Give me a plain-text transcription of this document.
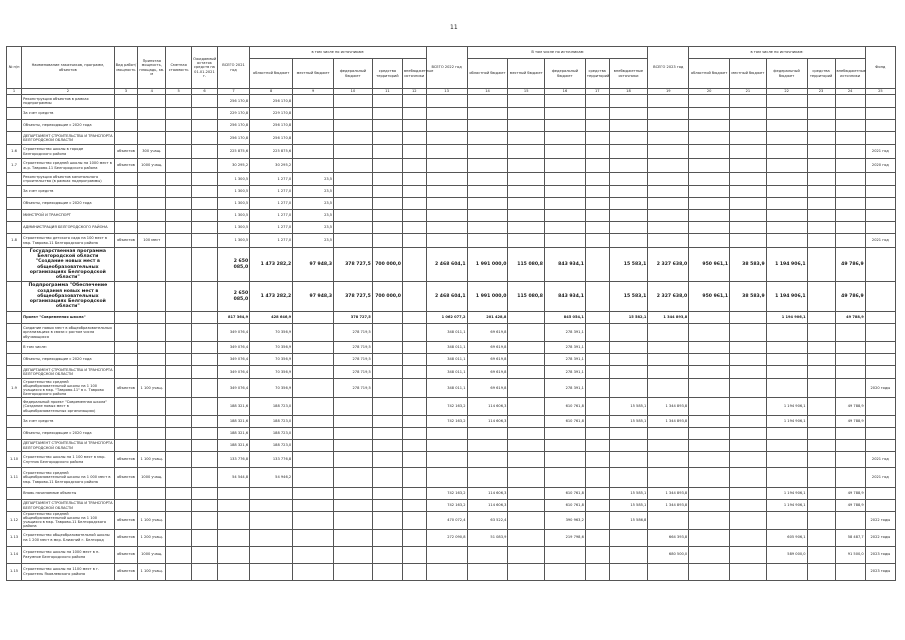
11
№ п/п	Наименование заказчиков, программ, объектов	Вид работ/мощность	Принятая мощность, площадь, кв. м	Сметная стоимость	Ожидаемый остаток средств на 01.01.2021 г.	ВСЕГО 2021 год	в том числе по источникам:					ВСЕГО 2022 год	В том числе по источникам					ВСЕГО 2023 год	в том числе по источникам:					Фонд
							областной бюджет	местный бюджет	федеральный бюджет	средства территорий	внебюджетные источники		областной бюджет	местный бюджет	федеральный бюджет	средства территорий	внебюджетные источники		областной бюджет	местный бюджет	федеральный бюджет	средства территорий	внебюджетные источники	
1	2	3	4	5	6	7	8	9	10	11	12	13	14	15	16	17	18	19	20	21	22	23	24	25
	Реконструкция объектов в рамках подпрограммы					256 170,8	256 170,8																	
	За счет средств					229 170,8	229 170,8																	
	Объекты, переходящие с 2020 года					256 170,8	256 170,8																	
	ДЕПАРТАМЕНТ СТРОИТЕЛЬСТВА И ТРАНСПОРТА БЕЛГОРОДСКОЙ ОБЛАСТИ					256 170,8	256 170,8																	
1.6	Строительство школы в городе Белгородского района	объектов	300 учащ.			225 875,6	225 875,6																	2021 год
1.7	Строительство средней школы на 1000 мест в ж.р. Таврово-11 Белгородского района	объектов	1000 учащ.			30 295,2	30 295,2																	2020 год
	Реконструкция объектов капитального строительства (в рамках подпрограммы)					1 300,5	1 277,0	23,5																
	За счет средств					1 300,5	1 277,0	23,5																
	Объекты, переходящие с 2020 года					1 300,5	1 277,0	23,5																
	МИНСТРОЙ И ТРАНСПОРТ					1 300,5	1 277,0	23,5																
	АДМИНИСТРАЦИЯ БЕЛГОРОДСКОГО РАЙОНА					1 300,5	1 277,0	23,5																
1.8	Строительство детского сада на 100 мест в мкр. Таврово-11 Белгородского района	объектов	100 мест			1 300,5	1 277,0	23,5																2021 год
	Государственная программа Белгородской области "Создание новых мест в общеобразовательных организациях Белгородской области"					2 650 085,0	1 473 282,2	97 948,3	378 727,5	700 000,0		2 468 604,1	1 991 000,0	115 080,8	843 934,1		15 583,1	2 327 638,0	950 961,1	38 583,9	1 194 906,1		49 786,9	
	Подпрограмма "Обеспечение создания новых мест в общеобразовательных организациях Белгородской области"					2 650 085,0	1 473 282,2	97 948,3	378 727,5	700 000,0		2 468 604,1	1 991 000,0	115 080,8	843 934,1		15 583,1	2 327 638,0	950 961,1	38 583,9	1 194 906,1		49 786,9	
	Проект "Современная школа"					817 364,9	428 646,9		378 727,5			1 062 077,2	201 428,8		845 054,1		15 582,1	1 344 893,8			1 194 906,1		49 788,9	
	Создание новых мест в общеобразовательных организациях в связи с ростом числа обучающихся					349 076,4	70 356,9		278 719,5			348 011,1	69 619,8		278 391,1									
	В том числе:					349 076,4	70 356,9		278 719,5			348 011,1	69 619,8		278 391,1									
	Объекты, переходящие с 2020 года					349 076,4	70 356,9		278 719,5			348 011,1	69 619,8		278 391,1									
	ДЕПАРТАМЕНТ СТРОИТЕЛЬСТВА И ТРАНСПОРТА БЕЛГОРОДСКОЙ ОБЛАСТИ					349 076,4	70 356,9		278 719,5			348 011,1	69 619,8		278 391,1									
1.9	Строительство средней общеобразовательной школы на 1 100 учащихся в мкр. "Таврово-11" в с. Таврово Белгородского района	объектов	1 100 учащ.			349 076,4	70 356,9		278 719,5			348 011,1	69 619,8		278 391,1									2020 годы
	Федеральный проект "Современная школа" (Создание новых мест в общеобразовательных организациях)					188 321,6	188 723,0					742 163,2	114 606,3		610 761,8		15 585,1	1 344 893,8			1 194 906,1		49 788,9	
	За счет средств					188 321,6	188 723,0					742 163,2	114 606,3		610 761,8		15 585,1	1 344 893,8			1 194 906,1		49 788,9	
	Объекты, переходящие с 2020 года					188 321,6	188 723,0																	
	ДЕПАРТАМЕНТ СТРОИТЕЛЬСТВА И ТРАНСПОРТА БЕЛГОРОДСКОЙ ОБЛАСТИ					188 321,6	188 723,0																	
1.10	Строительство школы на 1 100 мест в мкр. Спутник Белгородского района	объектов	1 100 учащ.			133 776,8	133 776,8																	2021 год
1.11	Строительство средней общеобразовательной школы на 1 000 мест в мкр. Таврово-11 Белгородского района	объектов	1000 учащ.			54 544,8	54 946,2																	2021 год
	Вновь начинаемые объекты											742 163,2	114 606,3		610 761,8		15 585,1	1 344 893,8			1 194 906,1		49 788,9	
	ДЕПАРТАМЕНТ СТРОИТЕЛЬСТВА И ТРАНСПОРТА БЕЛГОРОДСКОЙ ОБЛАСТИ											742 163,2	114 606,3		610 761,8		15 585,1	1 344 893,8			1 194 906,1		49 788,9	
1.12	Строительство средней общеобразовательной школы на 1 100 учащихся в мкр. Таврово-11 Белгородского района	объектов	1 100 учащ.									470 072,4	63 522,4		390 963,2		15 586,8							2022 годы
1.13	Строительство общеобразовательной школы на 1 200 мест в мкр. Ближний г. Белгород	объектов	1 200 учащ.									272 090,8	51 083,9		219 798,6			664 393,8			605 906,1		58 487,7	2022 годы
1.14	Строительство школы на 1000 мест в п. Разумное Белгородского района	объектов	1000 учащ.															680 500,0			589 000,0		91 500,0	2023 годы
1.15	Строительство школы на 1100 мест в г. Строитель Яковлевского района	объектов	1 100 учащ.																					2023 годы
